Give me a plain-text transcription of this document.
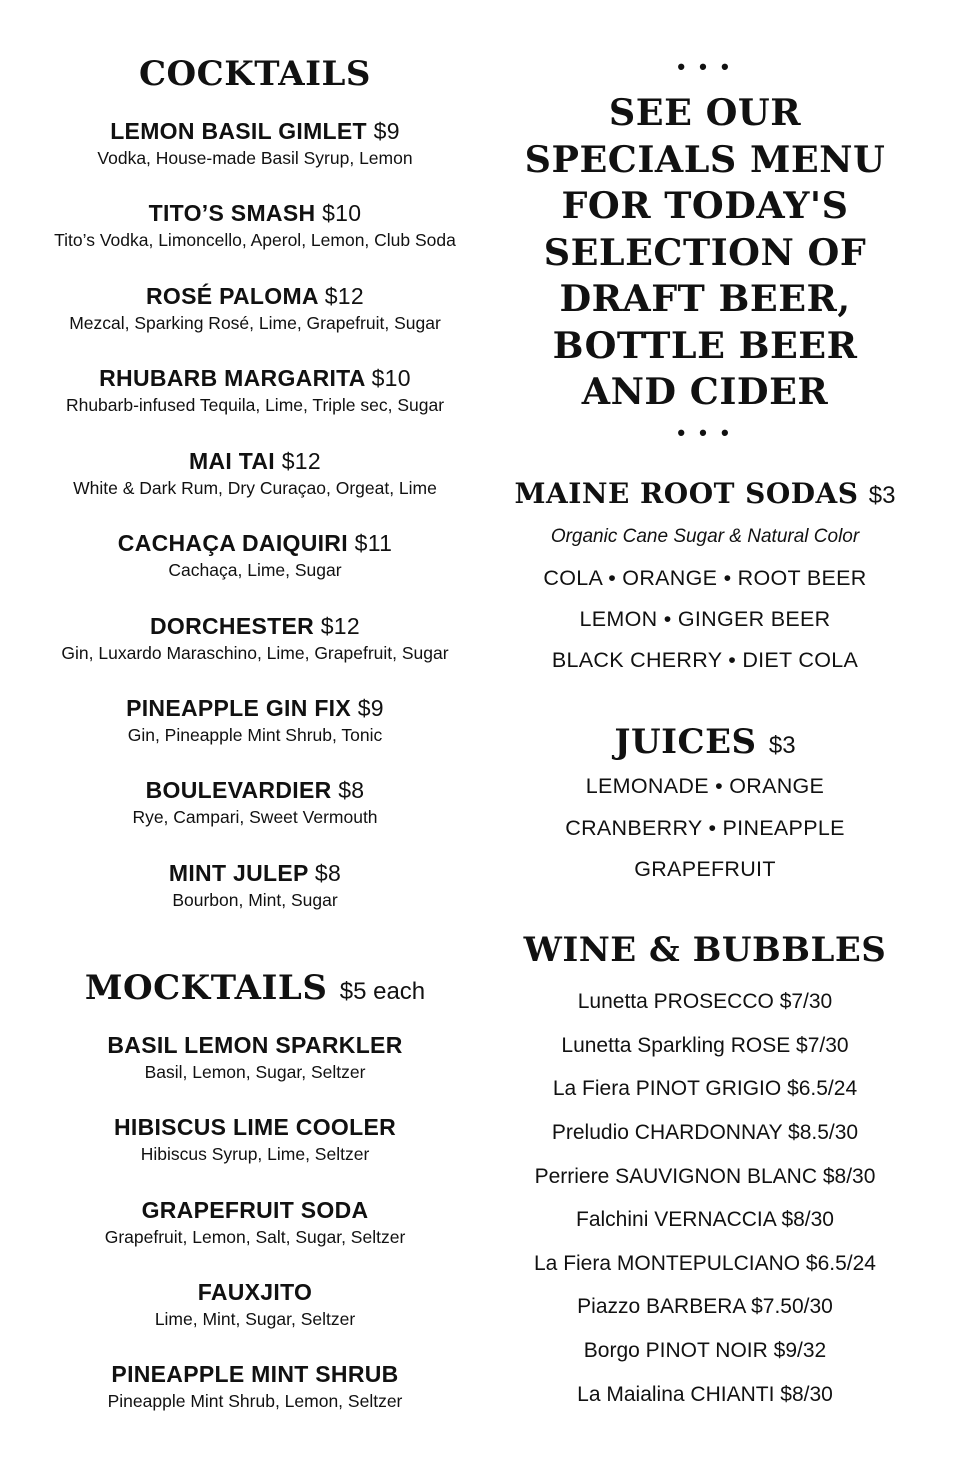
COCKTAILS
LEMON BASIL GIMLET $9
Vodka, House-made Basil Syrup, Lemon
TITO’S SMASH $10
Tito’s Vodka, Limoncello, Aperol, Lemon, Club Soda
ROSÉ PALOMA $12
Mezcal, Sparking Rosé, Lime, Grapefruit, Sugar
RHUBARB MARGARITA $10
Rhubarb-infused Tequila, Lime, Triple sec, Sugar
MAI TAI $12
White & Dark Rum, Dry Curaçao, Orgeat, Lime
CACHAÇA DAIQUIRI $11
Cachaça, Lime, Sugar
DORCHESTER $12
Gin, Luxardo Maraschino, Lime, Grapefruit, Sugar
PINEAPPLE GIN FIX $9
Gin, Pineapple Mint Shrub, Tonic
BOULEVARDIER $8
Rye, Campari, Sweet Vermouth
MINT JULEP $8
Bourbon, Mint, Sugar
MOCKTAILS $5 each
BASIL LEMON SPARKLER
Basil, Lemon, Sugar, Seltzer
HIBISCUS LIME COOLER
Hibiscus Syrup, Lime, Seltzer
GRAPEFRUIT SODA
Grapefruit, Lemon, Salt, Sugar, Seltzer
FAUXJITO
Lime, Mint, Sugar, Seltzer
PINEAPPLE MINT SHRUB
Pineapple Mint Shrub, Lemon, Seltzer
• • •
SEE OUR
SPECIALS MENU
FOR TODAY'S
SELECTION OF
DRAFT BEER,
BOTTLE BEER
AND CIDER
• • •
MAINE ROOT SODAS $3
Organic Cane Sugar & Natural Color
COLA • ORANGE • ROOT BEER
LEMON • GINGER BEER
BLACK CHERRY • DIET COLA
JUICES $3
LEMONADE • ORANGE
CRANBERRY • PINEAPPLE
GRAPEFRUIT
WINE & BUBBLES
Lunetta PROSECCO $7/30
Lunetta Sparkling ROSE $7/30
La Fiera PINOT GRIGIO $6.5/24
Preludio CHARDONNAY $8.5/30
Perriere SAUVIGNON BLANC $8/30
Falchini VERNACCIA $8/30
La Fiera MONTEPULCIANO $6.5/24
Piazzo BARBERA $7.50/30
Borgo PINOT NOIR $9/32
La Maialina CHIANTI $8/30
